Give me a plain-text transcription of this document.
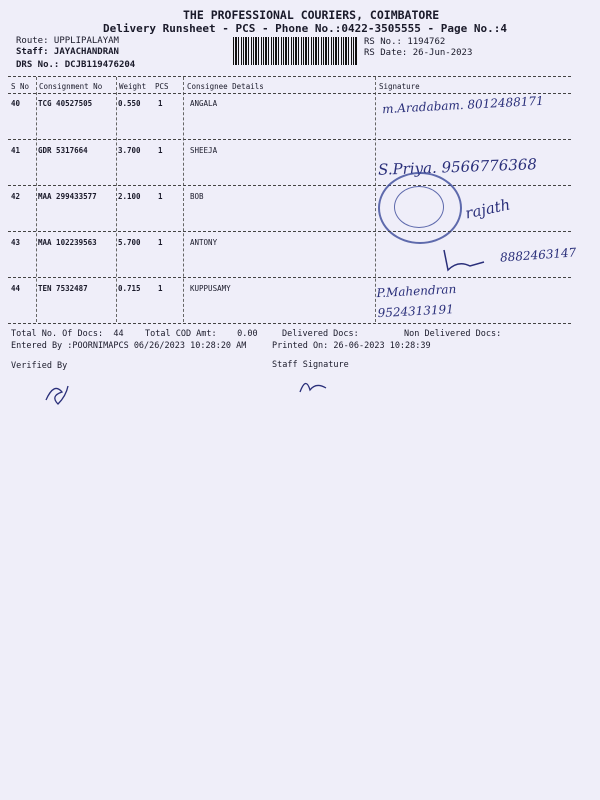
THE PROFESSIONAL COURIERS, COIMBATORE
Delivery Runsheet - PCS - Phone No.:0422-3505555 - Page No.:4
Route: UPPLIPALAYAM
Staff: JAYACHANDRAN
DRS No.: DCJB119476204
RS No.: 1194762
RS Date: 26-Jun-2023
S No Consignment No Weight PCS Consignee Details	Signature
40 TCG 40527505	0.550 1	ANGALA	m.Aradabam. 8012488171
41 GDR 5317664	3.700 1	SHEEJA
S.Priya. 9566776368
42 MAA 299433577	2.100 1	BOB	rajath
43 MAA 102239563	5.700 1	ANTONY
8882463147
44 TEN 7532487	0.715 1	KUPPUSAMY	P.Mahendran 9524313191
Total No. Of Docs:  44	Total COD Amt:    0.00	Delivered Docs:	Non Delivered Docs:
Entered By :POORNIMAPCS 06/26/2023 10:28:20 AM	Printed On: 26-06-2023 10:28:39
Verified By	Staff Signature
